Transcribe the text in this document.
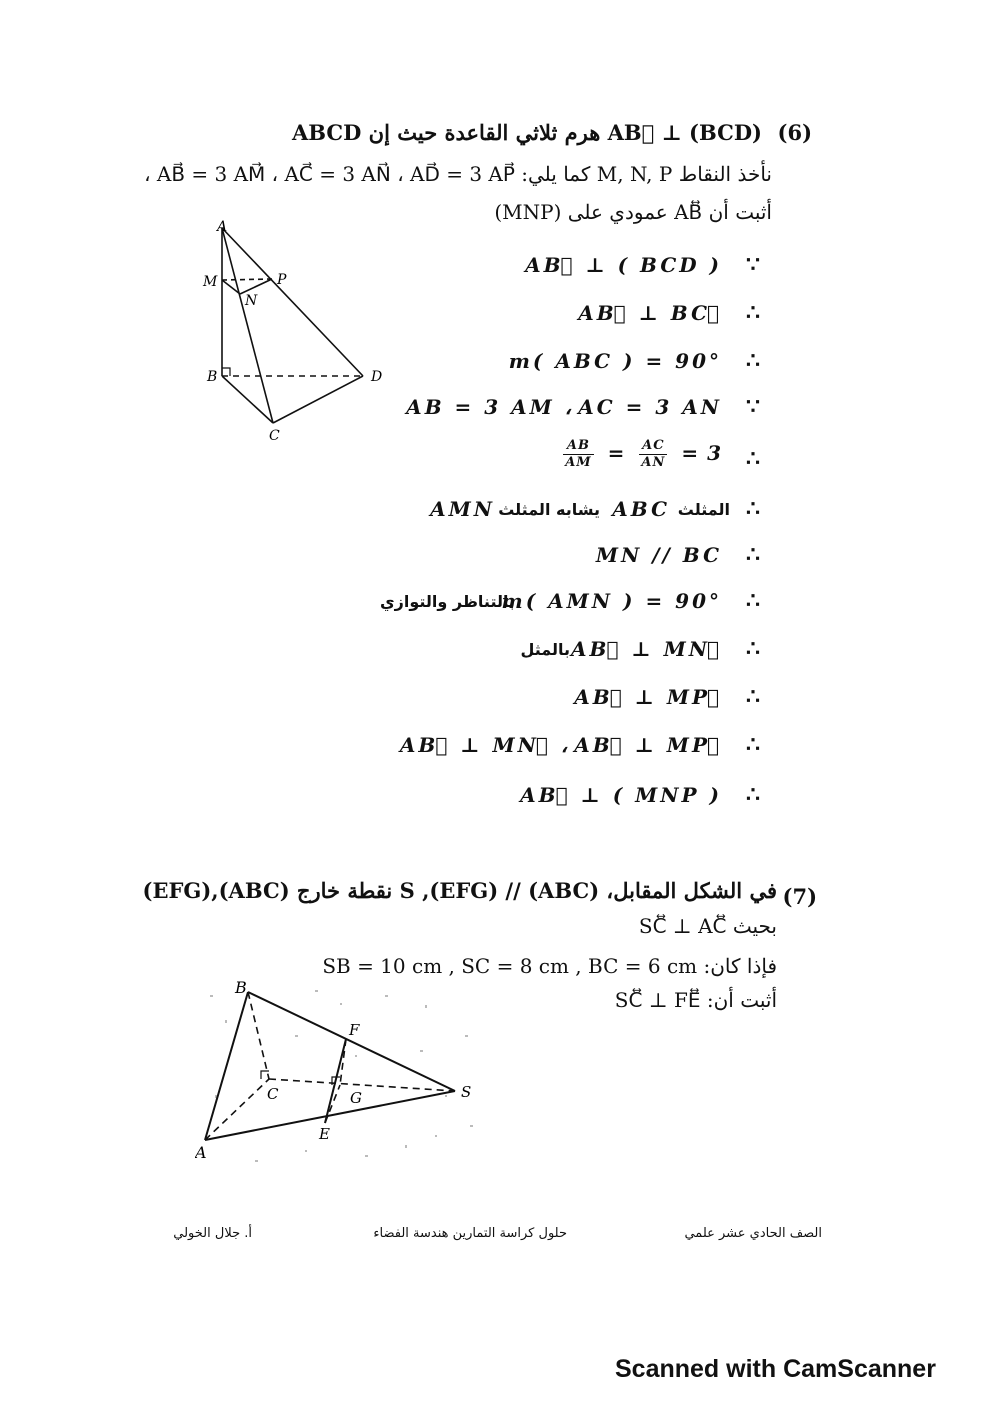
(6)
ABCD هرم ثلاثي القاعدة حيث إن AB⃡ ⊥ (BCD)
نأخذ النقاط M, N, P كما يلي: AB⃗ = 3 AM⃗ ، AC⃗ = 3 AN⃗ ، AD⃗ = 3 AP⃗ ،
أثبت أن AB⃡ عمودي على (MNP)
A
M
N
P
B
C
D
∵
AB⃡ ⊥ ( BCD )
∴
AB⃡ ⊥ BC⃡
∴
m( ABC ) = 90°
∵
AB = 3 AM ، AC = 3 AN
∴
$\frac{AB}{AM} = \frac{AC}{AN} = 3$
∴
المثلث
ABC
يشابه المثلث
AMN
∴
MN // BC
∴
m( AMN ) = 90°
بالتناظر والتوازي
∴
AB⃡ ⊥ MN⃡
بالمثل
∴
AB⃡ ⊥ MP⃡
∴
AB⃡ ⊥ MN⃡ ، AB⃡ ⊥ MP⃡
∴
AB⃡ ⊥ ( MNP )
(7)
في الشكل المقابل، (ABC) // (EFG), S نقطة خارج (ABC),(EFG)
بحيث SC⃡ ⊥ AC⃡
فإذا كان: SB = 10 cm , SC = 8 cm , BC = 6 cm
أثبت أن: SC⃡ ⊥ FE⃡
B
A
C
F
G
E
S
الصف الحادي عشر علمي
حلول كراسة التمارين هندسة الفضاء
أ. جلال الخولي
Scanned with CamScanner
